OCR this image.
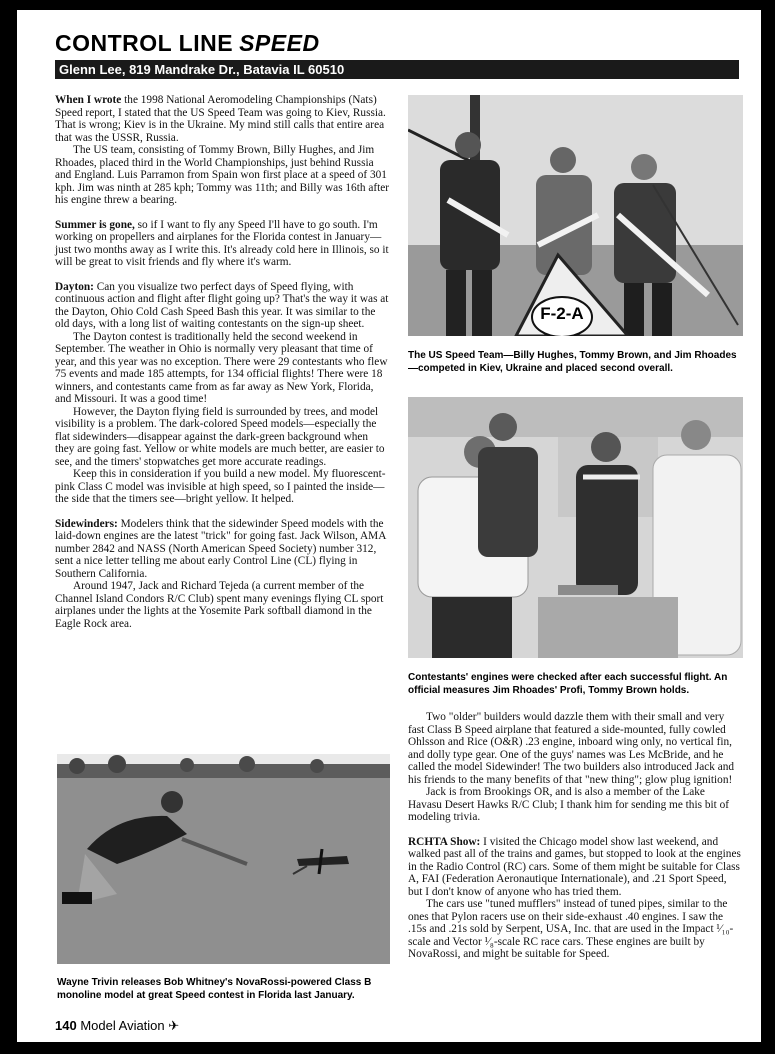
CONTROL LINE SPEED
Glenn Lee, 819 Mandrake Dr., Batavia IL 60510

When I wrote the 1998 National Aeromodeling Championships (Nats) Speed report, I stated that the US Speed Team was going to Kiev, Russia. That is wrong; Kiev is in the Ukraine. My mind still calls that entire area that was the USSR, Russia.

The US team, consisting of Tommy Brown, Billy Hughes, and Jim Rhoades, placed third in the World Championships, just behind Russia and England. Luis Parramon from Spain won first place at a speed of 301 kph. Jim was ninth at 285 kph; Tommy was 11th; and Billy was 16th after his engine threw a bearing.

Summer is gone, so if I want to fly any Speed I'll have to go south. I'm working on propellers and airplanes for the Florida contest in January—just two months away as I write this. It's already cold here in Illinois, so it will be great to visit friends and fly where it's warm.

Dayton: Can you visualize two perfect days of Speed flying, with continuous action and flight after flight going up? That's the way it was at the Dayton, Ohio Cold Cash Speed Bash this year. It was similar to the old days, with a long list of waiting contestants on the sign-up sheet.

The Dayton contest is traditionally held the second weekend in September. The weather in Ohio is normally very pleasant that time of year, and this year was no exception. There were 29 contestants who flew 75 events and made 185 attempts, for 134 official flights! There were 18 winners, and contestants came from as far away as New York, Florida, and Missouri. It was a good time!

However, the Dayton flying field is surrounded by trees, and model visibility is a problem. The dark-colored Speed models—especially the flat sidewinders—disappear against the dark-green background when they are going fast. Yellow or white models are much better, are easier to see, and the timers' stopwatches get more accurate readings.

Keep this in consideration if you build a new model. My fluorescent-pink Class C model was invisible at high speed, so I painted the inside—the side that the timers see—bright yellow. It helped.

Sidewinders: Modelers think that the sidewinder Speed models with the laid-down engines are the latest "trick" for going fast. Jack Wilson, AMA number 2842 and NASS (North American Speed Society) number 312, sent a nice letter telling me about early Control Line (CL) flying in Southern California.

Around 1947, Jack and Richard Tejeda (a current member of the Channel Island Condors R/C Club) spent many evenings flying CL sport airplanes under the lights at the Yosemite Park softball diamond in the Eagle Rock area.

F-2-A
The US Speed Team—Billy Hughes, Tommy Brown, and Jim Rhoades—competed in Kiev, Ukraine and placed second overall.
Contestants' engines were checked after each successful flight. An official measures Jim Rhoades' Profi, Tommy Brown holds.

Two "older" builders would dazzle them with their small and very fast Class B Speed airplane that featured a side-mounted, fully cowled Ohlsson and Rice (O&R) .23 engine, inboard wing only, no vertical fin, and dolly type gear. One of the guys' names was Les McBride, and he called the model Sidewinder! The two builders also introduced Jack and his friends to the many benefits of that "new thing"; glow plug ignition!

Jack is from Brookings OR, and is also a member of the Lake Havasu Desert Hawks R/C Club; I thank him for sending me this bit of modeling trivia.

RCHTA Show: I visited the Chicago model show last weekend, and walked past all of the trains and games, but stopped to look at the engines in the Radio Control (RC) cars. Some of them might be suitable for Class A, FAI (Federation Aeronautique Internationale), and .21 Sport Speed, but I don't know of anyone who has tried them.

The cars use "tuned mufflers" instead of tuned pipes, similar to the ones that Pylon racers use on their side-exhaust .40 engines. I saw the .15s and .21s sold by Serpent, USA, Inc. that are used in the Impact ¹⁄₁₀-scale and Vector ¹⁄₈-scale RC race cars. These engines are built by NovaRossi, and might be suitable for Speed.

Wayne Trivin releases Bob Whitney's NovaRossi-powered Class B monoline model at great Speed contest in Florida last January.
140 Model Aviation ✈
